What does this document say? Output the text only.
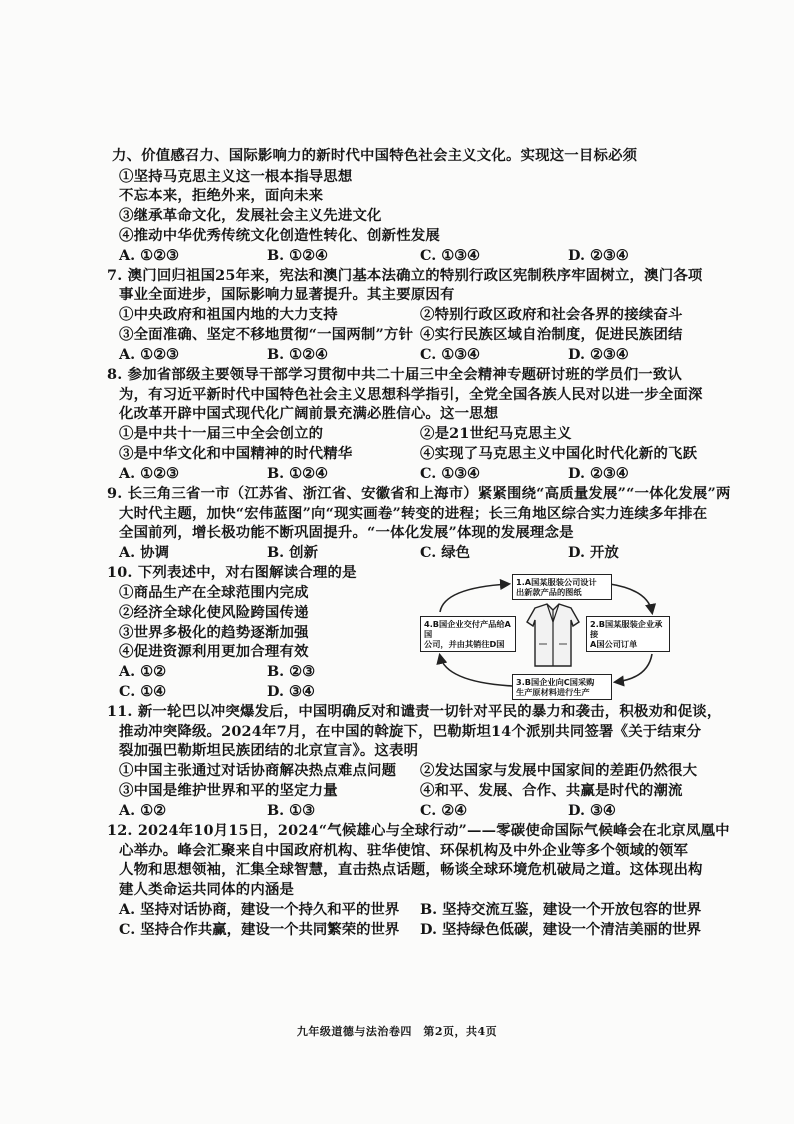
力、价值感召力、国际影响力的新时代中国特色社会主义文化。实现这一目标必须
①坚持马克思主义这一根本指导思想
不忘本来，拒绝外来，面向未来
③继承革命文化，发展社会主义先进文化
④推动中华优秀传统文化创造性转化、创新性发展
A. ①②③	B. ①②④	C. ①③④	D. ②③④
7. 澳门回归祖国25年来，宪法和澳门基本法确立的特别行政区宪制秩序牢固树立，澳门各项
事业全面进步，国际影响力显著提升。其主要原因有
①中央政府和祖国内地的大力支持	②特别行政区政府和社会各界的接续奋斗
③全面准确、坚定不移地贯彻“一国两制”方针 ④实行民族区域自治制度，促进民族团结
A. ①②③	B. ①②④	C. ①③④	D. ②③④
8. 参加省部级主要领导干部学习贯彻中共二十届三中全会精神专题研讨班的学员们一致认
为，有习近平新时代中国特色社会主义思想科学指引，全党全国各族人民对以进一步全面深
化改革开辟中国式现代化广阔前景充满必胜信心。这一思想
①是中共十一届三中全会创立的	②是21世纪马克思主义
③是中华文化和中国精神的时代精华	④实现了马克思主义中国化时代化新的飞跃
A. ①②③	B. ①②④	C. ①③④	D. ②③④
9. 长三角三省一市（江苏省、浙江省、安徽省和上海市）紧紧围绕“高质量发展”“一体化发展”两
大时代主题，加快“宏伟蓝图”向“现实画卷”转变的进程；长三角地区综合实力连续多年排在
全国前列，增长极功能不断巩固提升。“一体化发展”体现的发展理念是
A. 协调	B. 创新	C. 绿色	D. 开放
10. 下列表述中，对右图解读合理的是
①商品生产在全球范围内完成
②经济全球化使风险跨国传递
③世界多极化的趋势逐渐加强
④促进资源利用更加合理有效
A. ①②	B. ②③
C. ①④	D. ③④
1.A国某服装公司设计
出新款产品的图纸
2.B国某服装企业承接
A国公司订单
3.B国企业向C国采购
生产原材料进行生产
4.B国企业交付产品给A国
公司，并由其销往D国
11. 新一轮巴以冲突爆发后，中国明确反对和谴责一切针对平民的暴力和袭击，积极劝和促谈，
推动冲突降级。2024年7月，在中国的斡旋下，巴勒斯坦14个派别共同签署《关于结束分
裂加强巴勒斯坦民族团结的北京宣言》。这表明
①中国主张通过对话协商解决热点难点问题 ②发达国家与发展中国家间的差距仍然很大
③中国是维护世界和平的坚定力量	④和平、发展、合作、共赢是时代的潮流
A. ①②	B. ①③	C. ②④	D. ③④
12. 2024年10月15日，2024“气候雄心与全球行动”——零碳使命国际气候峰会在北京凤凰中
心举办。峰会汇聚来自中国政府机构、驻华使馆、环保机构及中外企业等多个领域的领军
人物和思想领袖，汇集全球智慧，直击热点话题，畅谈全球环境危机破局之道。这体现出构
九年级道德与法治卷四　第2页，共4页
建人类命运共同体的内涵是
A. 坚持对话协商，建设一个持久和平的世界 B. 坚持交流互鉴，建设一个开放包容的世界
C. 坚持合作共赢，建设一个共同繁荣的世界 D. 坚持绿色低碳，建设一个清洁美丽的世界
